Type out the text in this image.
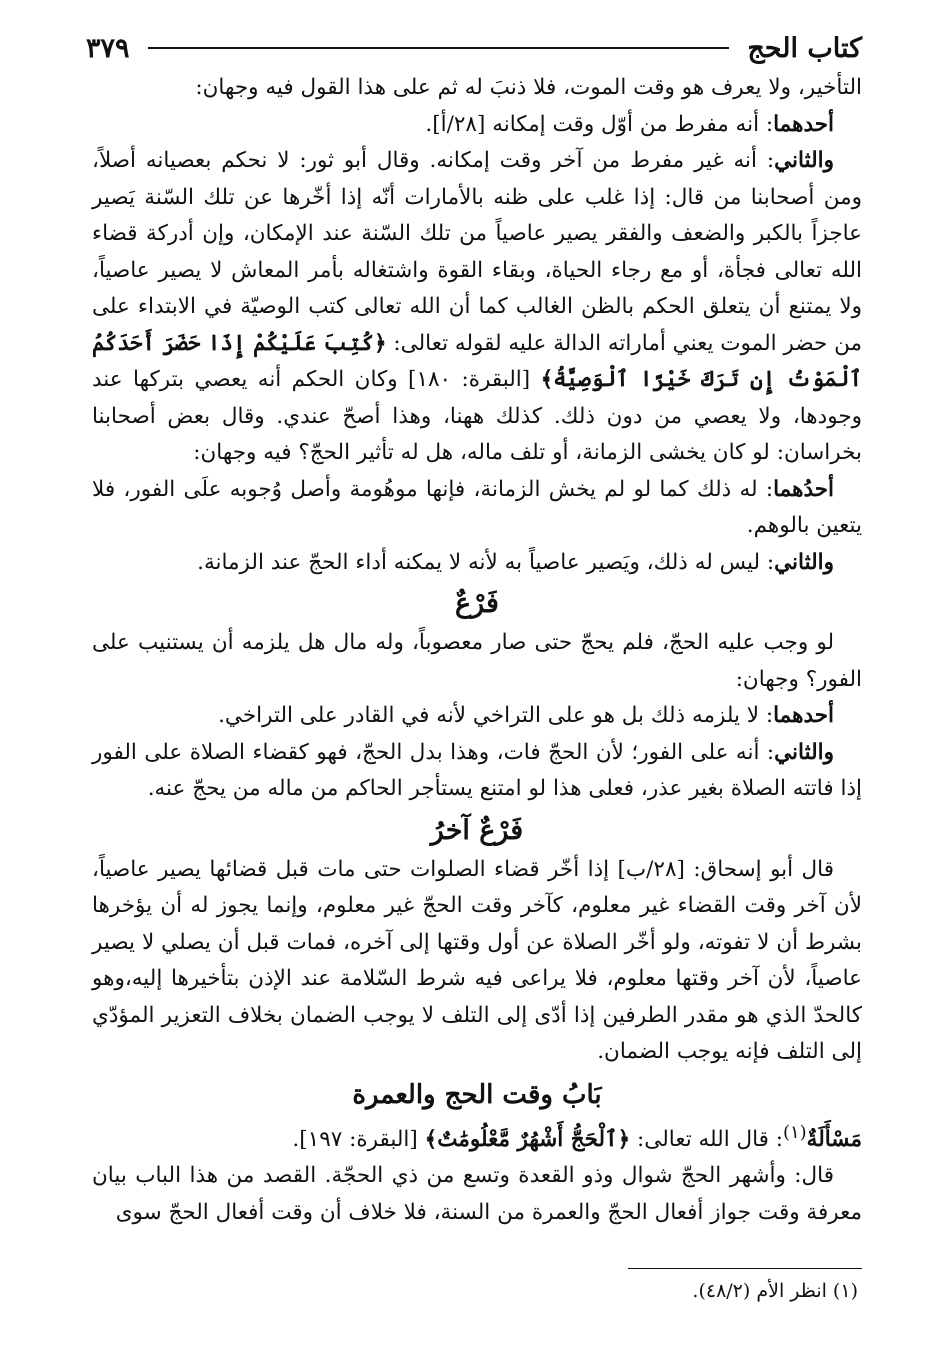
كتاب الحج
٣٧٩

التأخير، ولا يعرف هو وقت الموت، فلا ذنبَ له ثم على هذا القول فيه وجهان:

أحدهما: أنه مفرط من أوّل وقت إمكانه [٢٨/أ].

والثاني: أنه غير مفرط من آخر وقت إمكانه. وقال أبو ثور: لا نحكم بعصيانه أصلاً، ومن أصحابنا من قال: إذا غلب على ظنه بالأمارات أنّه إذا أخّرها عن تلك السّنة يَصير عاجزاً بالكبر والضعف والفقر يصير عاصياً من تلك السّنة عند الإمكان، وإن أدركة قضاء الله تعالى فجأة، أو مع رجاء الحياة، وبقاء القوة واشتغاله بأمر المعاش لا يصير عاصياً، ولا يمتنع أن يتعلق الحكم بالظن الغالب كما أن الله تعالى كتب الوصيّة في الابتداء على من حضر الموت يعني أماراته الدالة عليه لقوله تعالى: ﴿كُتِبَ عَلَيْكُمْ إِذَا حَضَرَ أَحَدَكُمُ ٱلْمَوْتُ إِن تَرَكَ خَيْرًا ٱلْوَصِيَّةُ﴾ [البقرة: ١٨٠] وكان الحكم أنه يعصي بتركها عند وجودها، ولا يعصي من دون ذلك. كذلك ههنا، وهذا أصحّ عندي. وقال بعض أصحابنا بخراسان: لو كان يخشى الزمانة، أو تلف ماله، هل له تأثير الحجّ؟ فيه وجهان:

أحدُهما: له ذلك كما لو لم يخش الزمانة، فإنها موهُومة وأصل وُجوبه علَى الفور، فلا يتعين بالوهم.

والثاني: ليس له ذلك، ويَصير عاصياً به لأنه لا يمكنه أداء الحجّ عند الزمانة.

فَرْعٌ

لو وجب عليه الحجّ، فلم يحجّ حتى صار معصوباً، وله مال هل يلزمه أن يستنيب على الفور؟ وجهان:

أحدهما: لا يلزمه ذلك بل هو على التراخي لأنه في القادر على التراخي.

والثاني: أنه على الفور؛ لأن الحجّ فات، وهذا بدل الحجّ، فهو كقضاء الصلاة على الفور إذا فاتته الصلاة بغير عذر، فعلى هذا لو امتنع يستأجر الحاكم من ماله من يحجّ عنه.

فَرْعٌ آخرُ

قال أبو إسحاق: [٢٨/ب] إذا أخّر قضاء الصلوات حتى مات قبل قضائها يصير عاصياً، لأن آخر وقت القضاء غير معلوم، كآخر وقت الحجّ غير معلوم، وإنما يجوز له أن يؤخرها بشرط أن لا تفوته، ولو أخّر الصلاة عن أول وقتها إلى آخره، فمات قبل أن يصلي لا يصير عاصياً، لأن آخر وقتها معلوم، فلا يراعى فيه شرط السّلامة عند الإذن بتأخيرها إليه،وهو كالحدّ الذي هو مقدر الطرفين إذا أدّى إلى التلف لا يوجب الضمان بخلاف التعزير المؤدّي إلى التلف فإنه يوجب الضمان.

بَابُ وقت الحج والعمرة

مَسْأَلَةٌ$^{(١)}$: قال الله تعالى: ﴿ٱلْحَجُّ أَشْهُرٌ مَّعْلُومَٰتٌ﴾ [البقرة: ١٩٧].

قال: وأشهر الحجّ شوال وذو القعدة وتسع من ذي الحجّة. القصد من هذا الباب بيان معرفة وقت جواز أفعال الحجّ والعمرة من السنة، فلا خلاف أن وقت أفعال الحجّ سوى

(١) انظر الأم (٤٨/٢).
